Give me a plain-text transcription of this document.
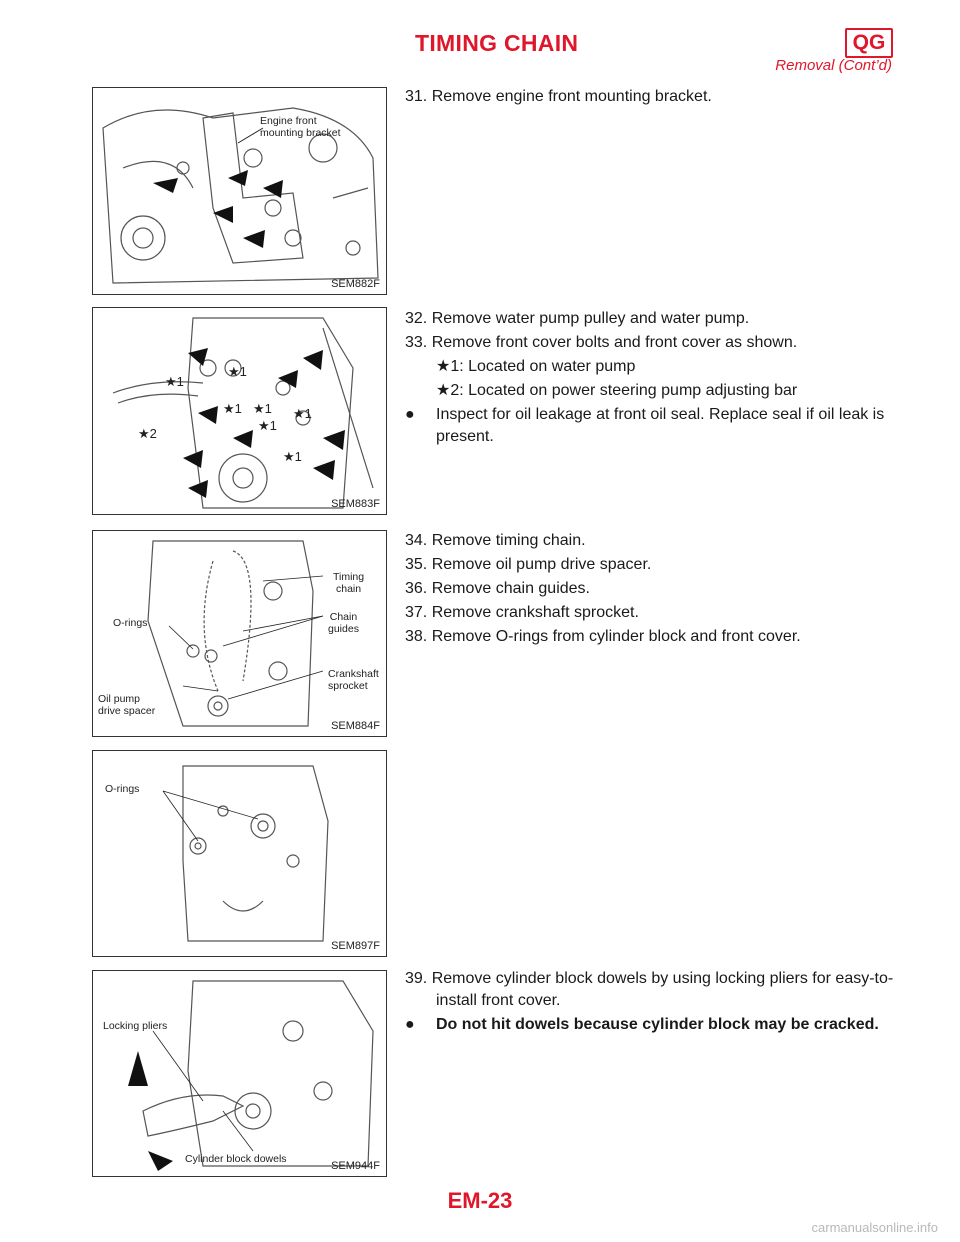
TIMING CHAIN	QG
Removal (Cont’d)
Engine front
mounting bracket
SEM882F
★1
★1
★1 ★1 ★1
★1
★1
★2
SEM883F
Timing
chain
Chain
guides
O-rings
Crankshaft
sprocket
Oil pump
drive spacer
SEM884F
O-rings
SEM897F
Locking pliers
Cylinder block dowels
SEM944F
31. Remove engine front mounting bracket.
32. Remove water pump pulley and water pump.
33. Remove front cover bolts and front cover as shown.
★1: Located on water pump
★2: Located on power steering pump adjusting bar
● Inspect for oil leakage at front oil seal. Replace seal if oil leak is present.
34. Remove timing chain.
35. Remove oil pump drive spacer.
36. Remove chain guides.
37. Remove crankshaft sprocket.
38. Remove O-rings from cylinder block and front cover.
39. Remove cylinder block dowels by using locking pliers for easy-to-install front cover.
● Do not hit dowels because cylinder block may be cracked.
EM-23
carmanualsonline.info
